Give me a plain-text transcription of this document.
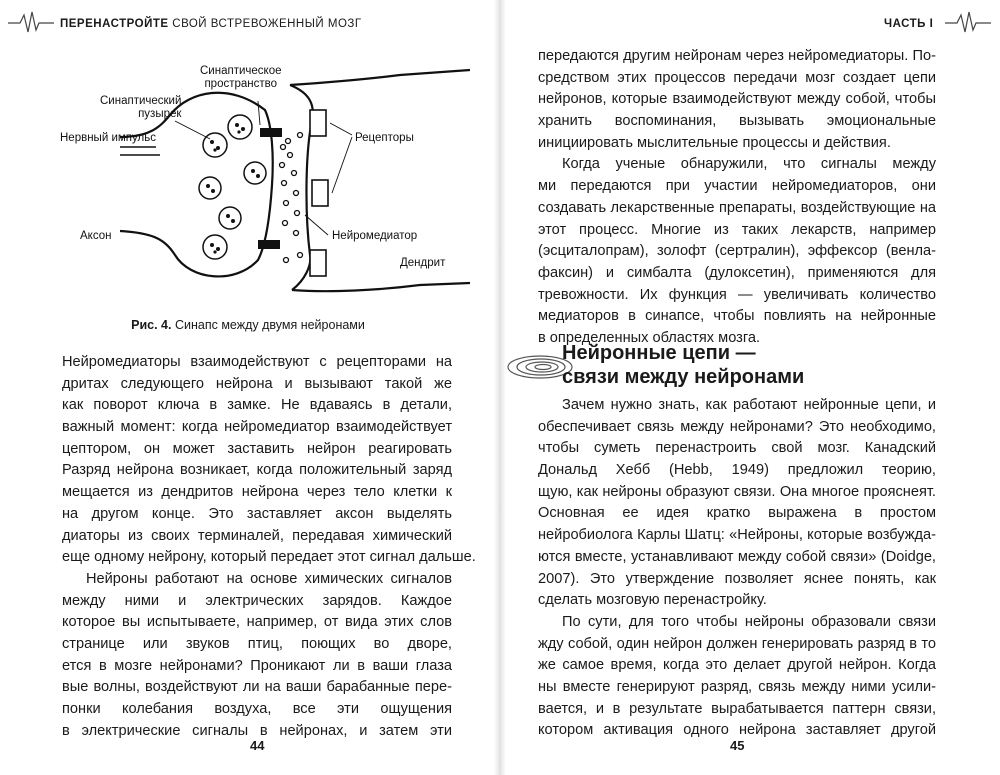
ПЕРЕНАСТРОЙТЕ СВОЙ ВСТРЕВОЖЕННЫЙ МОЗГ
Синаптическое
пространство
Синаптический
пузырек
Нервный импульс	Рецепторы
Аксон	Нейромедиатор
Дендрит
Рис. 4. Синапс между двумя нейронами
Нейромедиаторы взаимодействуют с рецепторами на
дритах следующего нейрона и вызывают такой же
как поворот ключа в замке. Не вдаваясь в детали,
важный момент: когда нейромедиатор взаимодействует
цептором, он может заставить нейрон реагировать
Разряд нейрона возникает, когда положительный заряд
мещается из дендритов нейрона через тело клетки к
на другом конце. Это заставляет аксон выделять
диаторы из своих терминалей, передавая химический
еще одному нейрону, который передает этот сигнал дальше.
Нейроны работают на основе химических сигналов
между ними и электрических зарядов. Каждое
которое вы испытываете, например, от вида этих слов
странице или звуков птиц, поющих во дворе,
ется в мозге нейронами? Проникают ли в ваши глаза
вые волны, воздействуют ли на ваши барабанные пере-
понки колебания воздуха, все эти ощущения
в электрические сигналы в нейронах, и затем эти
44
ЧАСТЬ I
передаются другим нейронам через нейромедиаторы. По-
средством этих процессов передачи мозг создает цепи
нейронов, которые взаимодействуют между собой, чтобы
хранить воспоминания, вызывать эмоциональные
инициировать мыслительные процессы и действия.
Когда ученые обнаружили, что сигналы между
ми передаются при участии нейромедиаторов, они
создавать лекарственные препараты, воздействующие на
этот процесс. Многие из таких лекарств, например
(эсциталопрам), золофт (сертралин), эффексор (венла-
факсин) и симбалта (дулоксетин), применяются для
тревожности. Их функция — увеличивать количество
медиаторов в синапсе, чтобы повлиять на нейронные
в определенных областях мозга.
Нейронные цепи —
связи между нейронами
Зачем нужно знать, как работают нейронные цепи, и
обеспечивает связь между нейронами? Это необходимо,
чтобы суметь перенастроить свой мозг. Канадский
Дональд Хебб (Hebb, 1949) предложил теорию,
щую, как нейроны образуют связи. Она многое прояснеят.
Основная ее идея кратко выражена в простом
нейробиолога Карлы Шатц: «Нейроны, которые возбужда-
ются вместе, устанавливают между собой связи» (Doidge,
2007). Это утверждение позволяет яснее понять, как
сделать мозговую перенастройку.
По сути, для того чтобы нейроны образовали связи
жду собой, один нейрон должен генерировать разряд в то
же самое время, когда это делает другой нейрон. Когда
ны вместе генерируют разряд, связь между ними усили-
вается, и в результате вырабатывается паттерн связи,
котором активация одного нейрона заставляет другой
45
